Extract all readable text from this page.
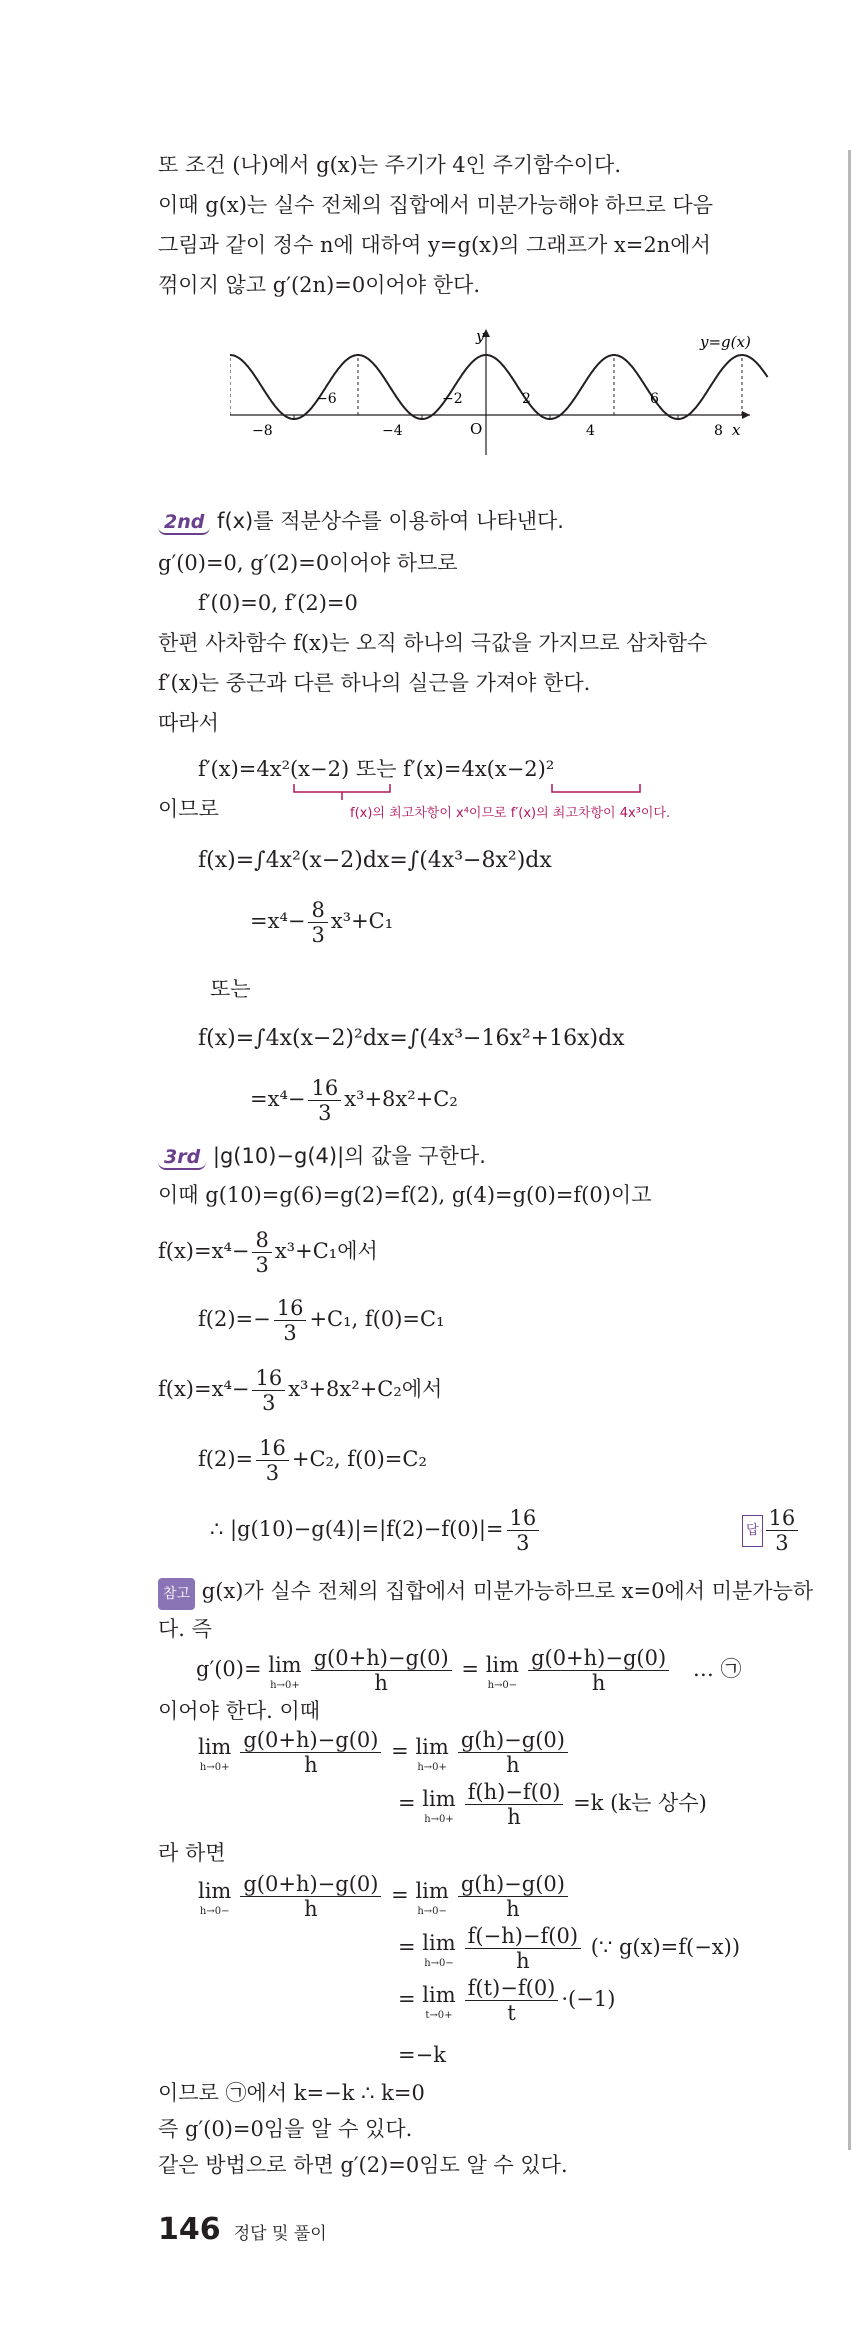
또 조건 (나)에서 g(x)는 주기가 4인 주기함수이다.
이때 g(x)는 실수 전체의 집합에서 미분가능해야 하므로 다음
그림과 같이 정수 n에 대하여 y=g(x)의 그래프가 x=2n에서
꺾이지 않고 g′(2n)=0이어야 한다.
y=g(x)
x
y
O
−8
−6
−4
−2	2
4
6
8
2nd f(x)를 적분상수를 이용하여 나타낸다.
g′(0)=0, g′(2)=0이어야 하므로
f′(0)=0, f′(2)=0
한편 사차함수 f(x)는 오직 하나의 극값을 가지므로 삼차함수
f′(x)는 중근과 다른 하나의 실근을 가져야 한다.
따라서
f′(x)=4x²(x−2) 또는 f′(x)=4x(x−2)²
이므로	f(x)의 최고차항이 x⁴이므로 f′(x)의 최고차항이 4x³이다.
f(x)=∫4x²(x−2)dx=∫(4x³−8x²)dx
$=x^4- \frac{8}{3} x^3+C_1$
또는
f(x)=∫4x(x−2)²dx=∫(4x³−16x²+16x)dx
$=x^4- \frac{16}{3} x^3+8x^2+C_2$
3rd |g(10)−g(4)|의 값을 구한다.
이때 g(10)=g(6)=g(2)=f(2), g(4)=g(0)=f(0)이고
$f(x)=x^4- \frac{8}{3} x^3+C_1$에서
$f(2)=- \frac{16}{3} +C_1$, f(0)=C₁
$f(x)=x^4- \frac{16}{3} x^3+8x^2+C_2$에서
$f(2)= \frac{16}{3} +C_2$, f(0)=C₂
∴ $|g(10)-g(4)|=|f(2)-f(0)|= \frac{16}{3}$	답 $\frac{16}{3}$
참고 g(x)가 실수 전체의 집합에서 미분가능하므로 x=0에서 미분가능하
다. 즉
g′(0)= lim
$h\to 0+ \frac{g(0+h)-g(0)}{h} = \lim$
$h\to 0- \frac{g(0+h)-g(0)}{h}$ … ㉠
이어야 한다. 이때
lim
$h\to 0+ \frac{g(0+h)-g(0)}{h} = \lim$
$h\to 0+ \frac{g(h)-g(0)}{h}$
= lim
$h\to 0+ \frac{f(h)-f(0)}{h} =k$ (k는 상수)
라 하면
lim
$h\to 0- \frac{g(0+h)-g(0)}{h} = \lim$
$h\to 0- \frac{g(h)-g(0)}{h}$
= lim
$h\to 0- \frac{f(-h)-f(0)}{h}$ (∵ g(x)=f(−x))
= lim
$t\to 0+ \frac{f(t)-f(0)}{t} \cdot(-1)$
=−k
이므로 ㉠에서 k=−k ∴ k=0
즉 g′(0)=0임을 알 수 있다.
같은 방법으로 하면 g′(2)=0임도 알 수 있다.
146 정답 및 풀이
